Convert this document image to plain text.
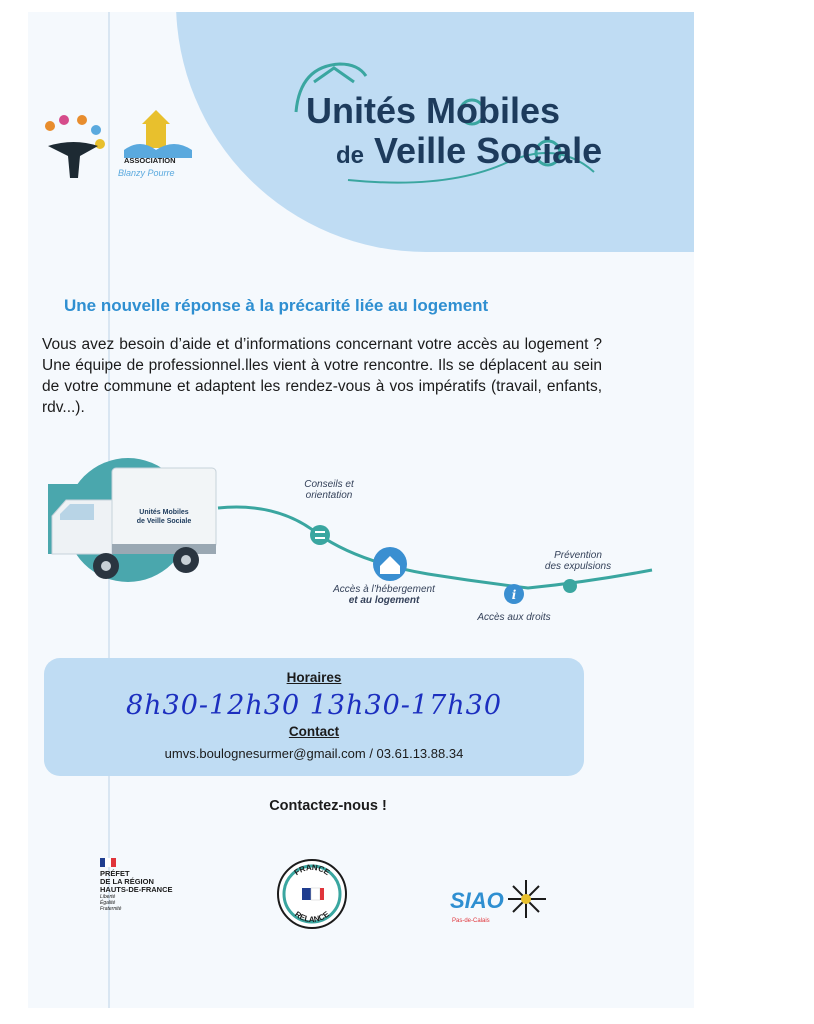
Unités Mobiles
de Veille Sociale
ASSOCIATION
Blanzy Pourre
Une nouvelle réponse à la précarité liée au logement
Vous avez besoin d’aide et d’informations concernant votre accès au logement ? Une équipe de professionnel.lles vient à votre rencontre. Ils se déplacent au sein de votre commune et adaptent les rendez-vous à vos impératifs (travail, enfants, rdv...).
Unités Mobiles
de Veille Sociale
i
Conseils et
orientation
Accès à l’hébergement
et au logement
Accès aux droits
Prévention
des expulsions
Horaires
8h30-12h30 13h30-17h30
Contact
umvs.boulognesurmer@gmail.com / 03.61.13.88.34
Contactez-nous !
PRÉFET
DE LA RÉGION
HAUTS-DE-FRANCE
Liberté
Égalité
Fraternité
FRANCE
RELANCE
SIAO
Pas-de-Calais
